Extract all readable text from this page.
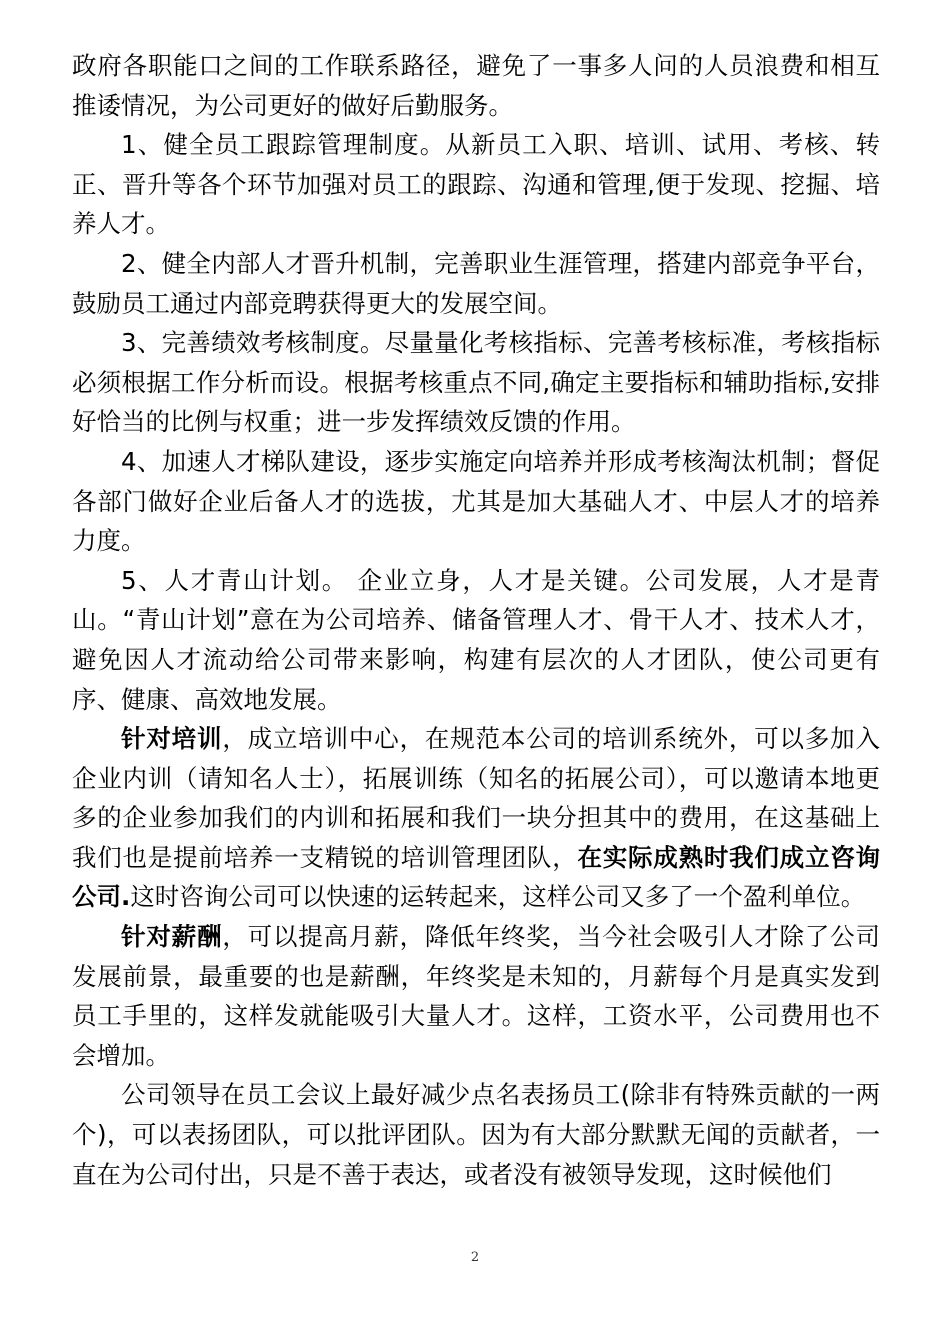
政府各职能口之间的工作联系路径，避免了一事多人问的人员浪费和相互推诿情况，为公司更好的做好后勤服务。

1、健全员工跟踪管理制度。从新员工入职、培训、试用、考核、转正、晋升等各个环节加强对员工的跟踪、沟通和管理,便于发现、挖掘、培养人才。

2、健全内部人才晋升机制，完善职业生涯管理，搭建内部竞争平台，鼓励员工通过内部竞聘获得更大的发展空间。

3、完善绩效考核制度。尽量量化考核指标、完善考核标准，考核指标必须根据工作分析而设。根据考核重点不同,确定主要指标和辅助指标,安排好恰当的比例与权重；进一步发挥绩效反馈的作用。

4、加速人才梯队建设，逐步实施定向培养并形成考核淘汰机制；督促各部门做好企业后备人才的选拔，尤其是加大基础人才、中层人才的培养力度。

5、人才青山计划。 企业立身，人才是关键。公司发展，人才是青山。“青山计划”意在为公司培养、储备管理人才、骨干人才、技术人才，避免因人才流动给公司带来影响，构建有层次的人才团队，使公司更有序、健康、高效地发展。

针对培训，成立培训中心，在规范本公司的培训系统外，可以多加入企业内训（请知名人士），拓展训练（知名的拓展公司），可以邀请本地更多的企业参加我们的内训和拓展和我们一块分担其中的费用，在这基础上我们也是提前培养一支精锐的培训管理团队，在实际成熟时我们成立咨询公司.这时咨询公司可以快速的运转起来，这样公司又多了一个盈利单位。

针对薪酬，可以提高月薪，降低年终奖，当今社会吸引人才除了公司发展前景，最重要的也是薪酬，年终奖是未知的，月薪每个月是真实发到员工手里的，这样发就能吸引大量人才。这样，工资水平，公司费用也不会增加。

公司领导在员工会议上最好减少点名表扬员工(除非有特殊贡献的一两个)，可以表扬团队，可以批评团队。因为有大部分默默无闻的贡献者，一直在为公司付出，只是不善于表达，或者没有被领导发现，这时候他们

2
